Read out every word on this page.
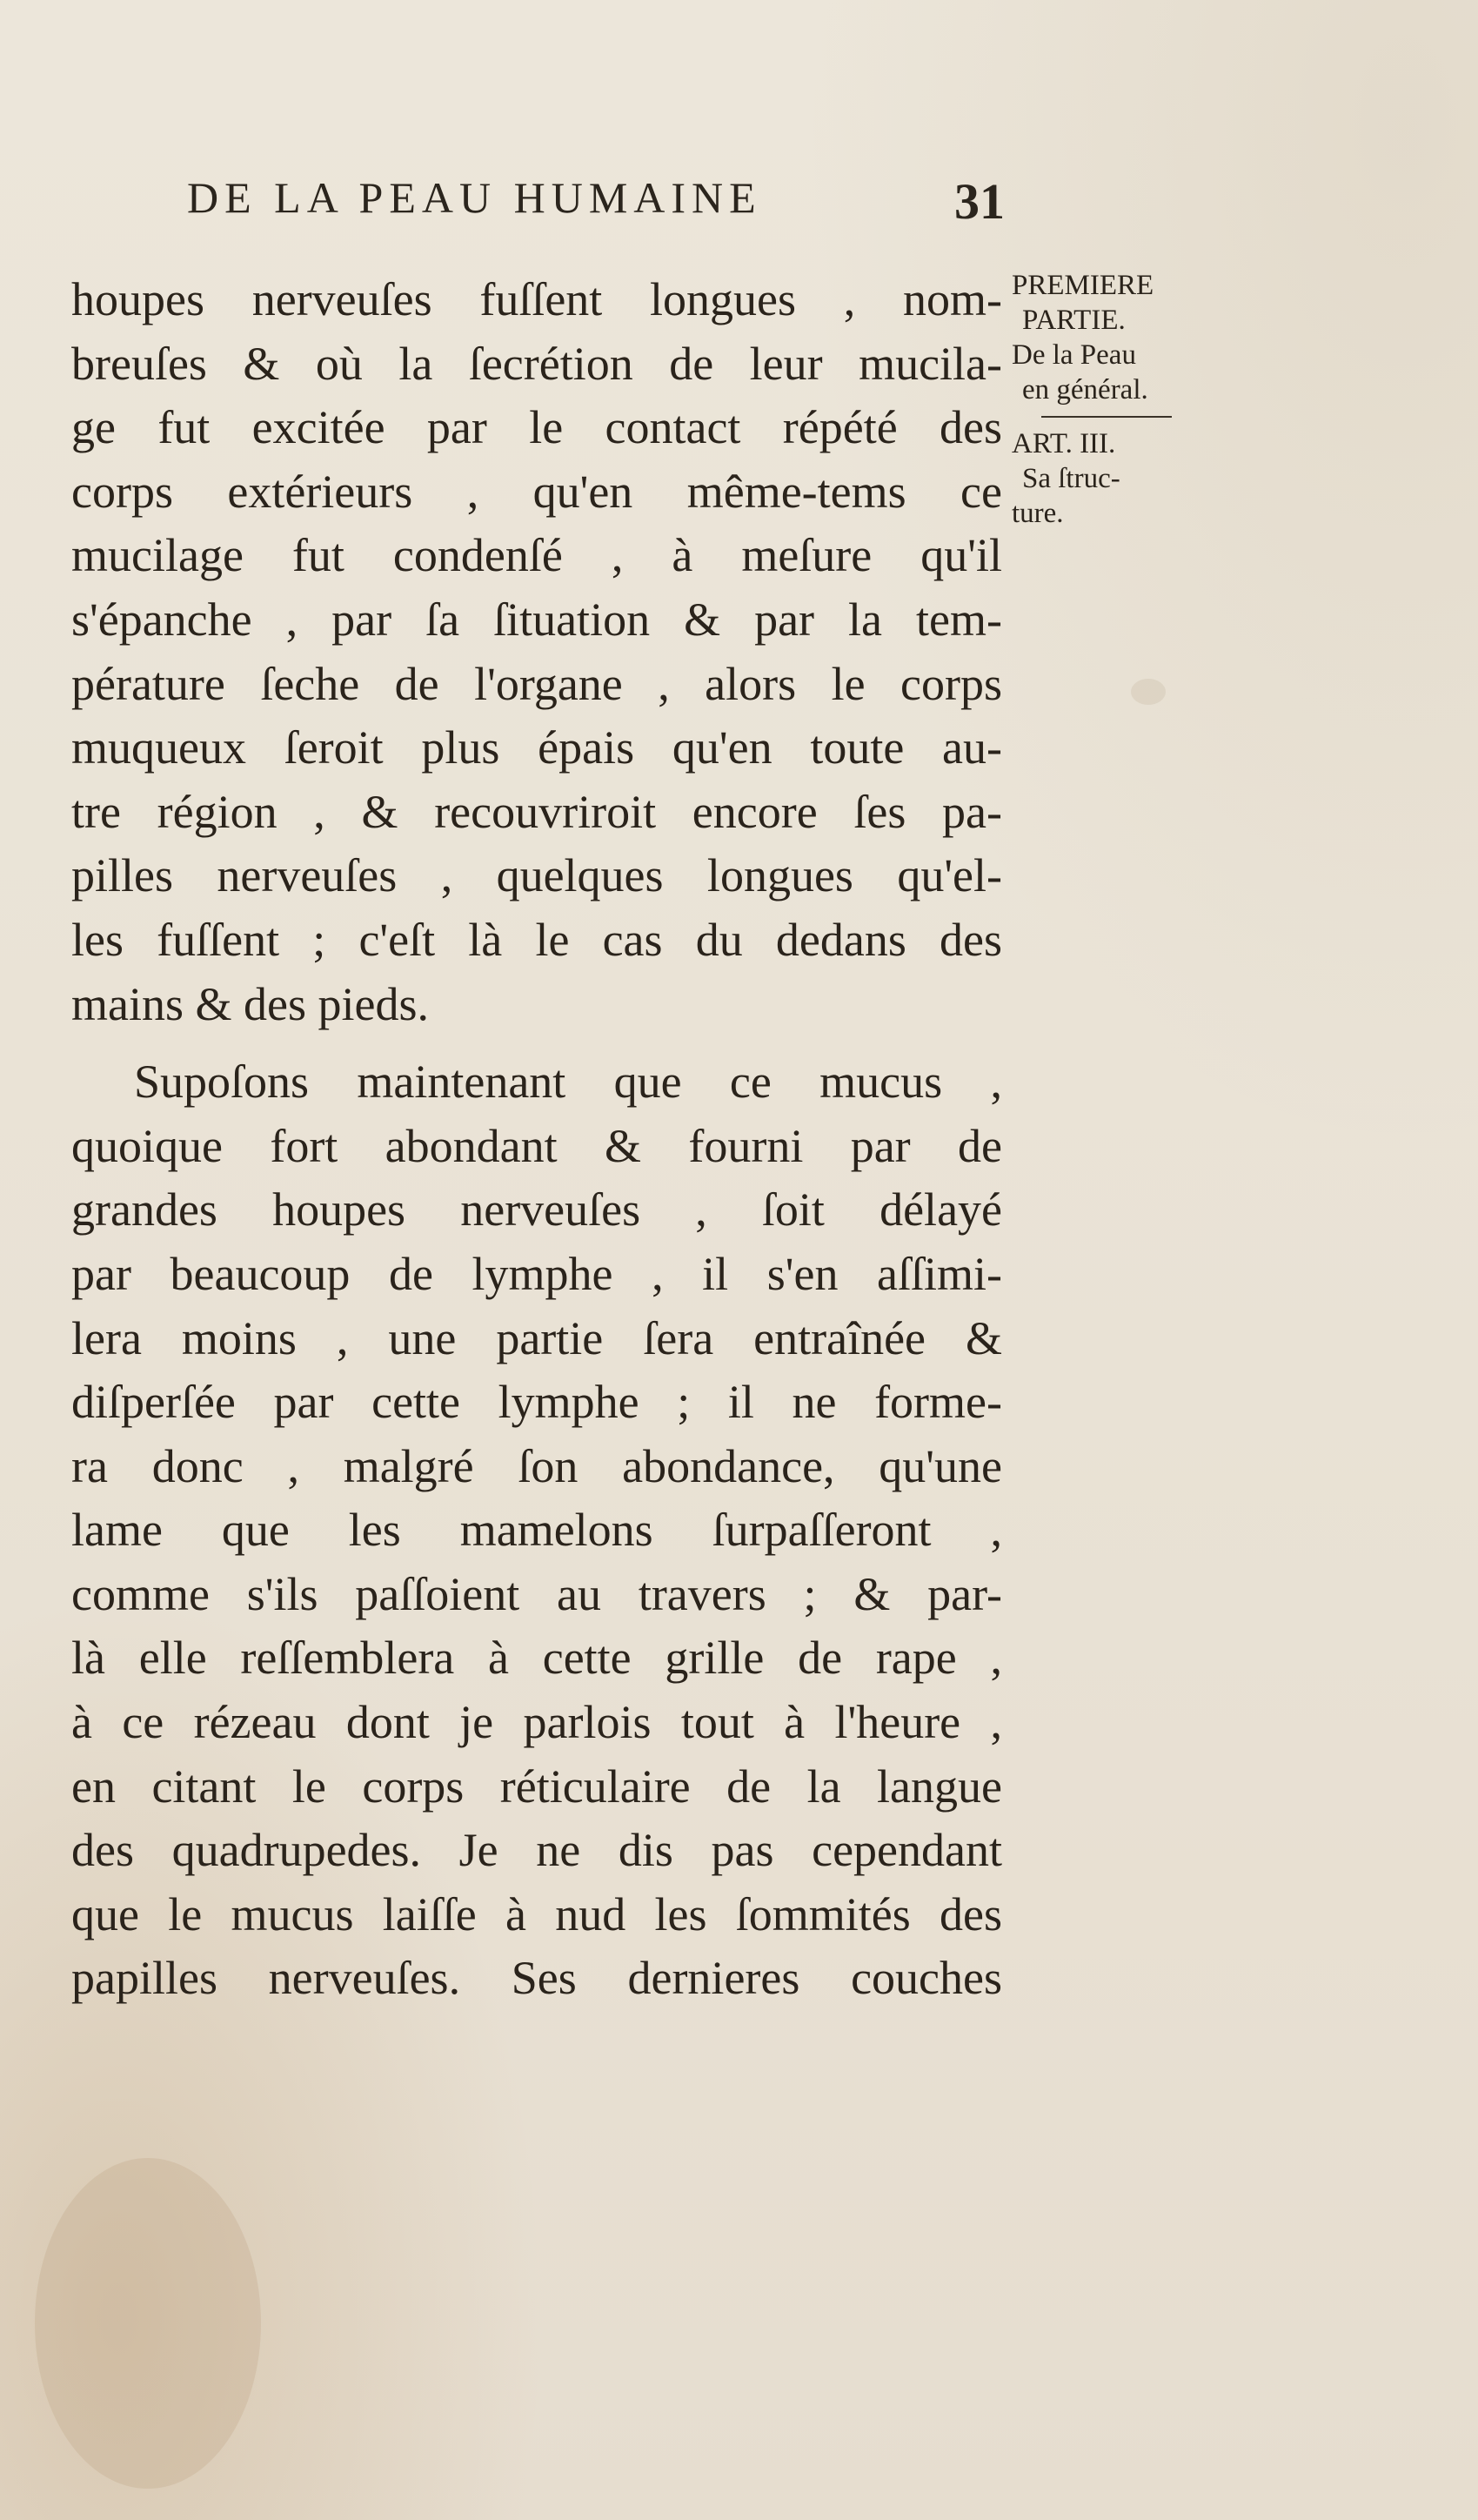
DE LA PEAU HUMAINE	31
houpes nerveuſes fuſſent longues , nom-
breuſes & où la ſecrétion de leur mucila-
ge fut excitée par le contact répété des
corps extérieurs , qu'en même-tems ce
mucilage fut condenſé , à meſure qu'il
s'épanche , par ſa ſituation & par la tem-
pérature ſeche de l'organe , alors le corps
muqueux ſeroit plus épais qu'en toute au-
tre région , & recouvriroit encore ſes pa-
pilles nerveuſes , quelques longues qu'el-
les fuſſent ; c'eſt là le cas du dedans des
mains & des pieds.
Supoſons maintenant que ce mucus ,
quoique fort abondant & fourni par de
grandes houpes nerveuſes , ſoit délayé
par beaucoup de lymphe , il s'en aſſimi-
lera moins , une partie ſera entraînée &
diſperſée par cette lymphe ; il ne forme-
ra donc , malgré ſon abondance, qu'une
lame que les mamelons ſurpaſſeront ,
comme s'ils paſſoient au travers ; & par-
là elle reſſemblera à cette grille de rape ,
à ce rézeau dont je parlois tout à l'heure ,
en citant le corps réticulaire de la langue
des quadrupedes. Je ne dis pas cependant
que le mucus laiſſe à nud les ſommités des
papilles nerveuſes. Ses dernieres couches
PREMIERE
PARTIE.
De la Peau
en général.
ART. III.
Sa ſtruc-
ture.
